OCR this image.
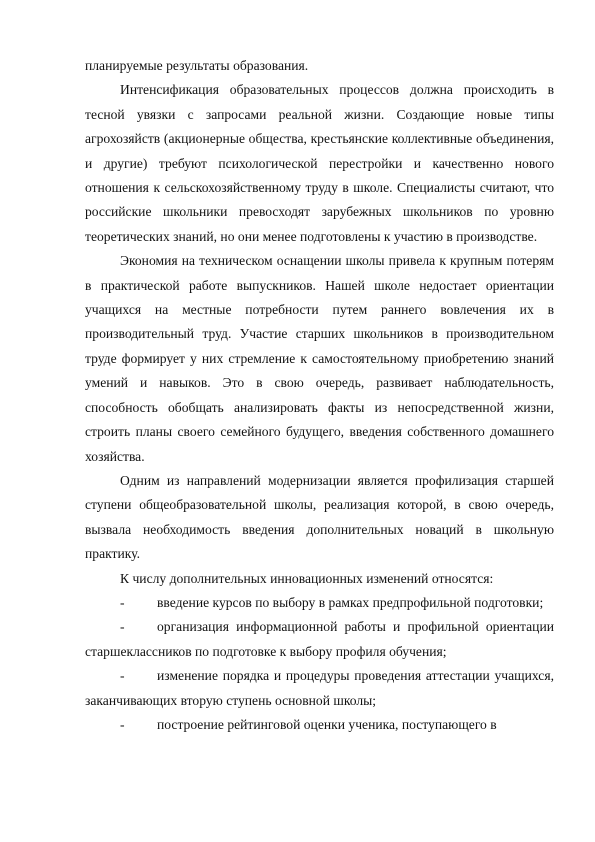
планируемые результаты образования.

Интенсификация образовательных процессов должна происходить в тесной увязки с запросами реальной жизни. Создающие новые типы агрохозяйств (акционерные общества, крестьянские коллективные объединения, и другие) требуют психологической перестройки и качественно нового отношения к сельскохозяйственному труду в школе. Специалисты считают, что российские школьники превосходят зарубежных школьников по уровню теоретических знаний, но они менее подготовлены к участию в производстве.

Экономия на техническом оснащении школы привела к крупным потерям в практической работе выпускников. Нашей школе недостает ориентации учащихся на местные потребности путем раннего вовлечения их в производительный труд. Участие старших школьников в производительном труде формирует у них стремление к самостоятельному приобретению знаний умений и навыков. Это в свою очередь, развивает наблюдательность, способность обобщать анализировать факты из непосредственной жизни, строить планы своего семейного будущего, введения собственного домашнего хозяйства.

Одним из направлений модернизации является профилизация старшей ступени общеобразовательной школы, реализация которой, в свою очередь, вызвала необходимость введения дополнительных новаций в школьную практику.

К числу дополнительных инновационных изменений относятся:

- введение курсов по выбору в рамках предпрофильной подготовки;
- организация информационной работы и профильной ориентации старшеклассников по подготовке к выбору профиля обучения;
- изменение порядка и процедуры проведения аттестации учащихся, заканчивающих вторую ступень основной школы;
- построение рейтинговой оценки ученика, поступающего в
